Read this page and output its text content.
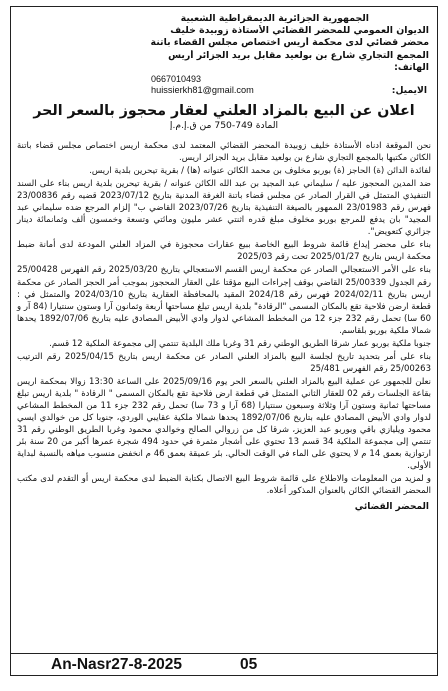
الجمهورية الجزائرية الديمقراطية الشعبية
الديوان العمومي للمحضر القضائي الأستاذة زوبيدة خليف
محضر قضائي لدى محكمة أريس اختصاص مجلس القضاء باتنة
المجمع التجاري شارع بن بولعيد مقابل بريد الجزائر أريس
الهاتف:
0667010493
huissierkh81@gmail.com	الايميل:
اعلان عن البيع بالمزاد العلني لعقار محجوز بالسعر الحر
المادة 749-750 من ق.إ.م.إ

نحن الموقعة ادناه الأستاذة خليف زوبيدة المحضر القضائي المعتمد لدى محكمة اريس اختصاص مجلس قضاء باتنة الكائن مكتبها بالمجمع التجاري شارع بن بولعيد مقابل بريد الجزائر اريس.

لفائدة الدائن (ة) الحاجز (ة) بوربو مخلوف بن محمد الكائن عنوانه (ها) / بقرية تيحرين بلدية اريس.

ضد المدين المحجوز عليه / سليماني عبد المجيد بن عبد الله الكائن عنوانه / بقرية تيحرين بلدية اريس بناء على السند التنفيذي المتمثل في القرار الصادر عن مجلس قضاء باتنة الغرفة المدنية بتاريخ 2023/07/12 قضيه رقم 23/00836 فهرس رقم 23/01983 الممهور بالصيغة التنفيذية بتاريخ 2023/07/26 القاضي ب" إلزام المرجع ضده سليماني عبد المجيد" بان يدفع للمرجع بوربو مخلوف مبلغ قدره اثنتي عشر مليون ومائتي وتسعة وخمسون ألف وثمانمائة دينار جزائري كتعويض".

بناء على محضر إيداع قائمة شروط البيع الخاصة ببيع عقارات محجوزة في المزاد العلني المودعة لدى أمانة ضبط محكمة اريس بتاريخ 2025/01/27 تحت رقم 2025/03

بناء على الأمر الاستعجالي الصادر عن محكمة اريس القسم الاستعجالي بتاريخ 2025/03/20 رقم الفهرس 25/00428 رقم الجدول 25/00339 القاضي بوقف إجراءات البيع مؤقتا على العقار المحجوز بموجب أمر الحجز الصادر عن محكمة اريس بتاريخ 2024/02/11 فهرس رقم 2024/18 المقيد بالمحافظة العقارية بتاريخ 2024/03/10 والمتمثل في : قطعة ارضن فلاحية تقع بالمكان المسمى "الرقادة" بلدية اريس تبلغ مساحتها أربعة وثمانون آرا وستون سنتيارا (84 آر و 60 سا) تحمل رقم 232 جزء 12 من المخطط المشاعي لدوار وادي الأبيض المصادق عليه بتاريخ 1892/07/06 يحدها شمالا ملكية بوربو بلقاسم.

جنوبا ملكية بوربو عمار شرقا الطريق الوطني رقم 31 وغربا ملك البلدية تنتمي إلى مجموعة الملكية 12 قسم.

بناء على أمر بتحديد تاريخ لجلسة البيع بالمزاد العلني الصادر عن محكمة اريس بتاريخ 2025/04/15 رقم الترتيب 25/00263 رقم الفهرس 25/481

نعلن للجمهور عن عملية البيع بالمزاد العلني بالسعر الحر يوم 2025/09/16 على الساعة 13:30 زوالا بمحكمة اريس بقاعة الجلسات رقم 02 للعقار الثاني المتمثل في قطعة ارض فلاحية تقع بالمكان المسمى " الرقادة " بلدية اريس تبلغ مساحتها ثمانية وستون آرا وثلاثة وسبعون سنتيارا (68 آرا و 73 سا) تحمل رقم 232 جزء 11 من المخطط المشاعي لدوار وادي الأبيض المصادق عليه بتاريخ 1892/07/06 يحدها شمالا ملكية عقايبي الوردي، جنوبا كل من خوالدي ايسي محمود ويليازي باقي وبوربو عبد العزيز، شرقا كل من زروالي الصالح وخوالدي محمود وغربا الطريق الوطني رقم 31 تنتمي إلى مجموعة الملكية 34 قسم 13 تحتوي على أشجار مثمرة في حدود 494 شجرة عمرها أكبر من 20 سنة بئر ارتوازية بعمق 14 م لا يحتوي على الماء في الوقت الحالي. بئر عميقة بعمق 46 م انخفض منسوب مياهه بالنسبة لبداية الأولى.

و لمزيد من المعلومات والاطلاع على قائمة شروط البيع الاتصال بكتابة الضبط لدى محكمة اريس أو التقدم لدى مكتب المحضر القضائي الكائن بالعنوان المذكور أعلاه.

المحضر القضائي
An-Nasr27-8-2025	05
